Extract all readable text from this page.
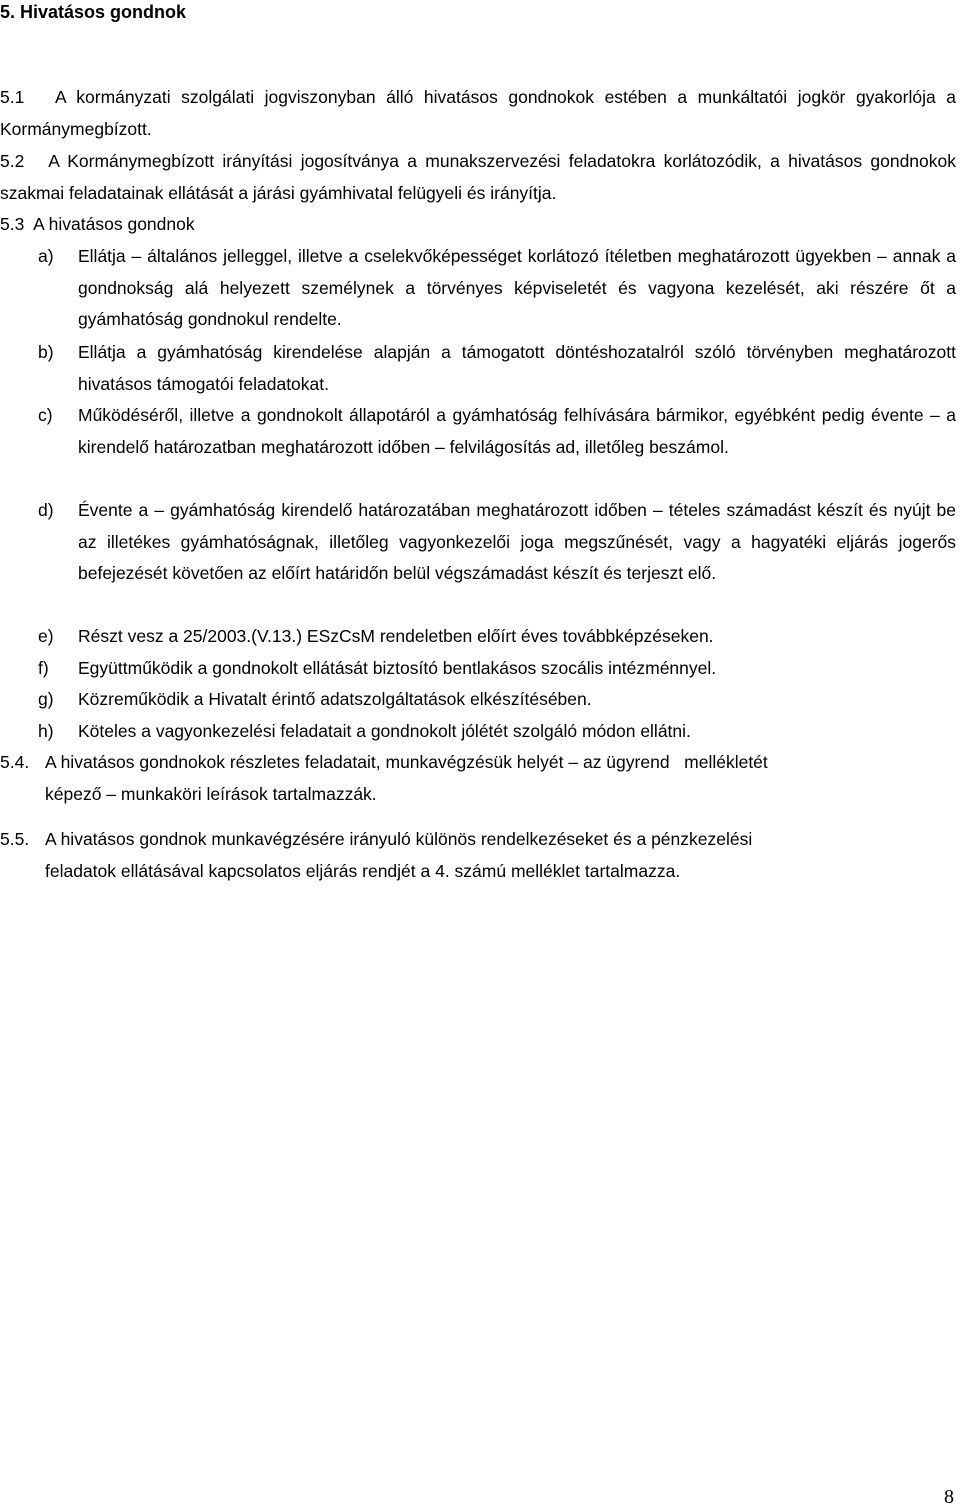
5. Hivatásos gondnok

5.1 A kormányzati szolgálati jogviszonyban álló hivatásos gondnokok estében a munkáltatói jogkör gyakorlója a Kormánymegbízott.

5.2 A Kormánymegbízott irányítási jogosítványa a munakszervezési feladatokra korlátozódik, a hivatásos gondnokok szakmai feladatainak ellátását a járási gyámhivatal felügyeli és irányítja.

5.3 A hivatásos gondnok

a) Ellátja – általános jelleggel, illetve a cselekvőképességet korlátozó ítéletben meghatározott ügyekben – annak a gondnokság alá helyezett személynek a törvényes képviseletét és vagyona kezelését, aki részére őt a gyámhatóság gondnokul rendelte.
b) Ellátja a gyámhatóság kirendelése alapján a támogatott döntéshozatalról szóló törvényben meghatározott hivatásos támogatói feladatokat.
c) Működéséről, illetve a gondnokolt állapotáról a gyámhatóság felhívására bármikor, egyébként pedig évente – a kirendelő határozatban meghatározott időben – felvilágosítás ad, illetőleg beszámol.
d) Évente a – gyámhatóság kirendelő határozatában meghatározott időben – tételes számadást készít és nyújt be az illetékes gyámhatóságnak, illetőleg vagyonkezelői joga megszűnését, vagy a hagyatéki eljárás jogerős befejezését követően az előírt határidőn belül végszámadást készít és terjeszt elő.
e) Részt vesz a 25/2003.(V.13.) ESzCsM rendeletben előírt éves továbbképzéseken.
f) Együttműködik a gondnokolt ellátását biztosító bentlakásos szocális intézménnyel.
g) Közreműködik a Hivatalt érintő adatszolgáltatások elkészítésében.
h) Köteles a vagyonkezelési feladatait a gondnokolt jólétét szolgáló módon ellátni.
5.4. A hivatásos gondnokok részletes feladatait, munkavégzésük helyét – az ügyrend   mellékletét
képező – munkaköri leírások tartalmazzák.
5.5. A hivatásos gondnok munkavégzésére irányuló különös rendelkezéseket és a pénzkezelési
feladatok ellátásával kapcsolatos eljárás rendjét a 4. számú melléklet tartalmazza.
8
